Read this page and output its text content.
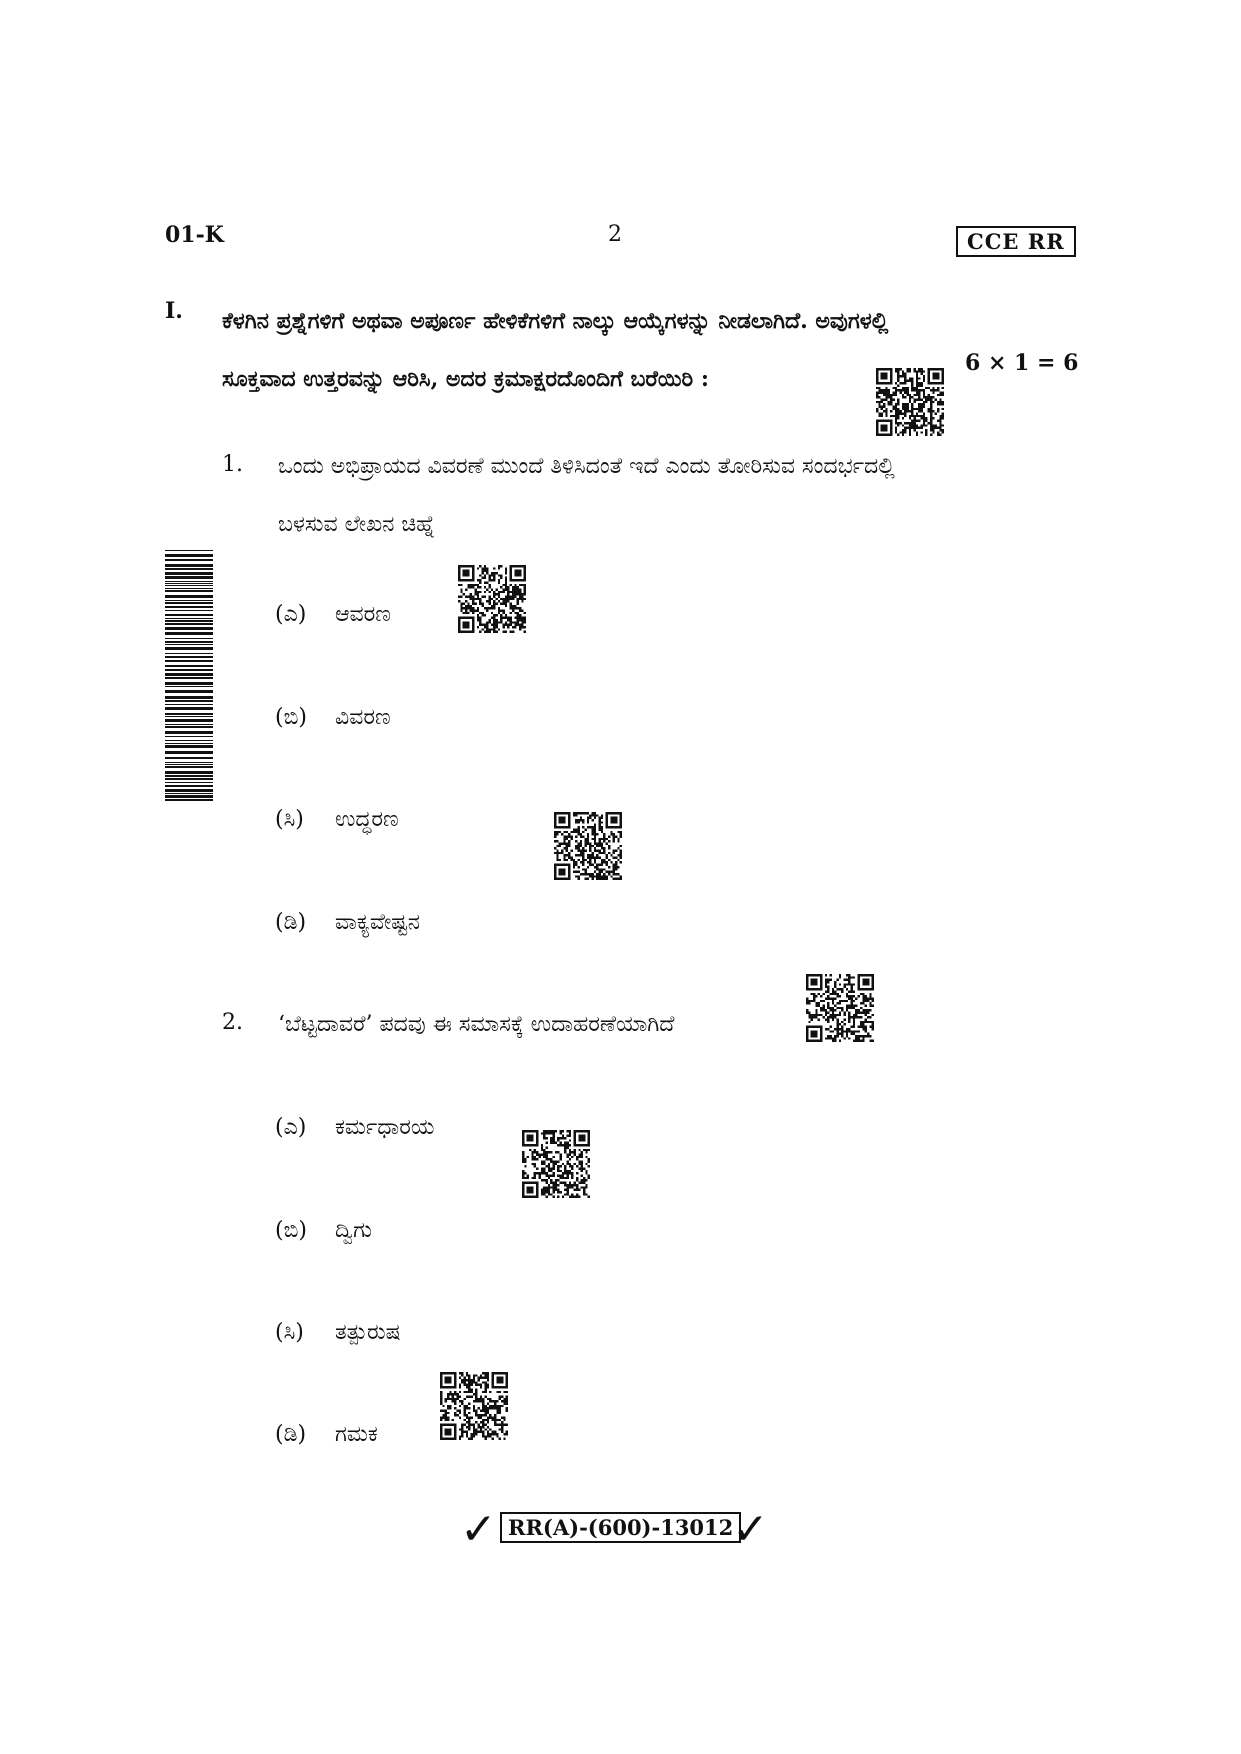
01-K	2	CCE RR
I. ಕೆಳಗಿನ ಪ್ರಶ್ನೆಗಳಿಗೆ ಅಥವಾ ಅಪೂರ್ಣ ಹೇಳಿಕೆಗಳಿಗೆ ನಾಲ್ಕು ಆಯ್ಕೆಗಳನ್ನು ನೀಡಲಾಗಿದೆ. ಅವುಗಳಲ್ಲಿ
ಸೂಕ್ತವಾದ ಉತ್ತರವನ್ನು ಆರಿಸಿ, ಅದರ ಕ್ರಮಾಕ್ಷರದೊಂದಿಗೆ ಬರೆಯಿರಿ :
6 × 1 = 6
1. ಒಂದು ಅಭಿಪ್ರಾಯದ ವಿವರಣೆ ಮುಂದೆ ತಿಳಿಸಿದಂತೆ ಇದೆ ಎಂದು ತೋರಿಸುವ ಸಂದರ್ಭದಲ್ಲಿ
ಬಳಸುವ ಲೇಖನ ಚಿಹ್ನೆ
(ಎ) ಆವರಣ
(ಬಿ) ವಿವರಣ
(ಸಿ) ಉದ್ಧರಣ
(ಡಿ) ವಾಕ್ಯವೇಷ್ಟನ
2. ‘ಬೆಟ್ಟದಾವರೆ’ ಪದವು ಈ ಸಮಾಸಕ್ಕೆ ಉದಾಹರಣೆಯಾಗಿದೆ
(ಎ) ಕರ್ಮಧಾರಯ
(ಬಿ) ದ್ವಿಗು
(ಸಿ) ತತ್ಪುರುಷ
(ಡಿ) ಗಮಕ
✓ RR(A)-(600)-13012
✓
